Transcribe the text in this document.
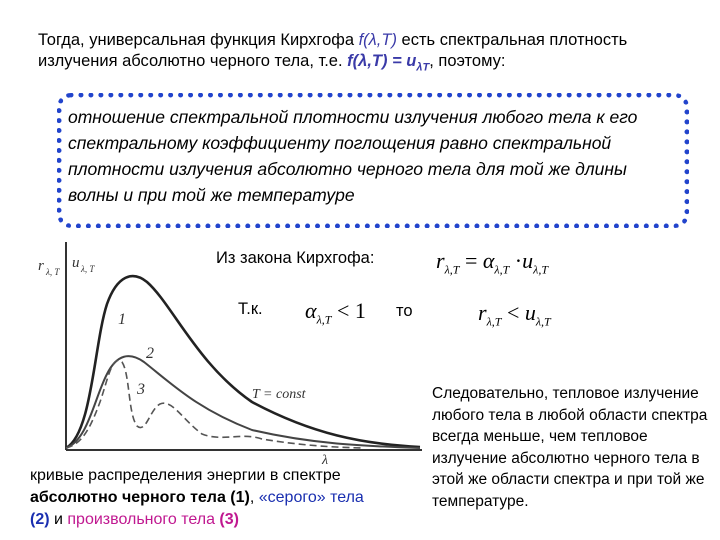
Тогда, универсальная функция Кирхгофа f(λ,T) есть спектральная плотность излучения абсолютно черного тела, т.е. $f(\lambda,T) = u_{\lambda T}$, поэтому:
отношение спектральной плотности излучения любого тела к его спектральному коэффициенту поглощения равно спектральной плотности излучения абсолютно черного тела для той же длины волны и при той же температуре
r λ, T
u λ, T
λ
1
2
3	T = const
Из закона Кирхгофа:
Т.к.	то
$r_{\lambda,T} = \alpha_{\lambda,T} \cdot u_{\lambda,T}$
$\alpha_{\lambda,T} < 1$	$r_{\lambda,T} < u_{\lambda,T}$
кривые распределения энергии в спектре
абсолютно черного тела (1), «серого» тела
(2) и произвольного тела (3)
Следовательно, тепловое излучение любого тела в любой области спектра всегда меньше, чем тепловое излучение абсолютно черного тела в этой же области спектра и при той же температуре.
